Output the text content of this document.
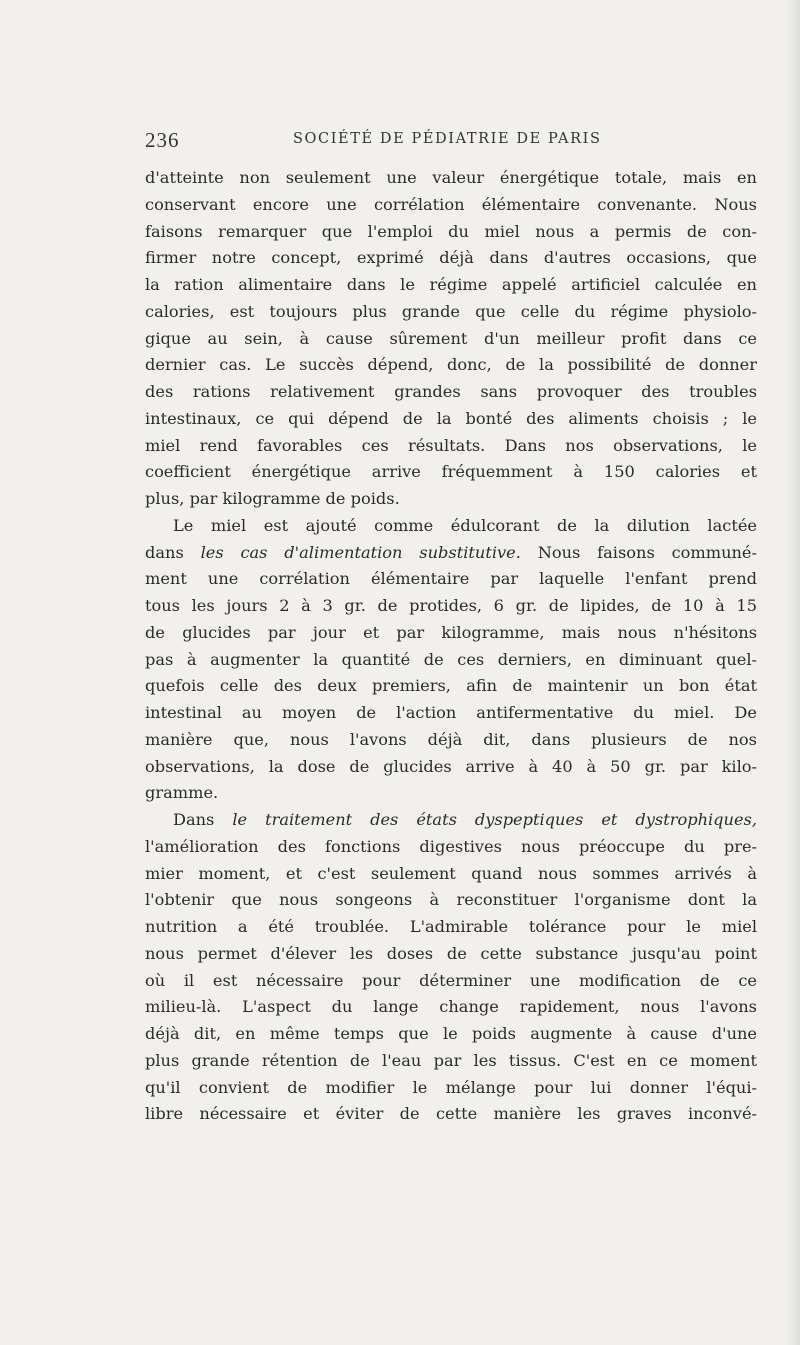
236	SOCIÉTÉ DE PÉDIATRIE DE PARIS
d'atteinte non seulement une valeur énergétique totale, mais en
conservant encore une corrélation élémentaire convenante. Nous
faisons remarquer que l'emploi du miel nous a permis de con-
firmer notre concept, exprimé déjà dans d'autres occasions, que
la ration alimentaire dans le régime appelé artificiel calculée en
calories, est toujours plus grande que celle du régime physiolo-
gique au sein, à cause sûrement d'un meilleur profit dans ce
dernier cas. Le succès dépend, donc, de la possibilité de donner
des rations relativement grandes sans provoquer des troubles
intestinaux, ce qui dépend de la bonté des aliments choisis ; le
miel rend favorables ces résultats. Dans nos observations, le
coefficient énergétique arrive fréquemment à 150 calories et
plus, par kilogramme de poids.
Le miel est ajouté comme édulcorant de la dilution lactée
dans les cas d'alimentation substitutive. Nous faisons communé-
ment une corrélation élémentaire par laquelle l'enfant prend
tous les jours 2 à 3 gr. de protides, 6 gr. de lipides, de 10 à 15
de glucides par jour et par kilogramme, mais nous n'hésitons
pas à augmenter la quantité de ces derniers, en diminuant quel-
quefois celle des deux premiers, afin de maintenir un bon état
intestinal au moyen de l'action antifermentative du miel. De
manière que, nous l'avons déjà dit, dans plusieurs de nos
observations, la dose de glucides arrive à 40 à 50 gr. par kilo-
gramme.
Dans le traitement des états dyspeptiques et dystrophiques,
l'amélioration des fonctions digestives nous préoccupe du pre-
mier moment, et c'est seulement quand nous sommes arrivés à
l'obtenir que nous songeons à reconstituer l'organisme dont la
nutrition a été troublée. L'admirable tolérance pour le miel
nous permet d'élever les doses de cette substance jusqu'au point
où il est nécessaire pour déterminer une modification de ce
milieu-là. L'aspect du lange change rapidement, nous l'avons
déjà dit, en même temps que le poids augmente à cause d'une
plus grande rétention de l'eau par les tissus. C'est en ce moment
qu'il convient de modifier le mélange pour lui donner l'équi-
libre nécessaire et éviter de cette manière les graves inconvé-
